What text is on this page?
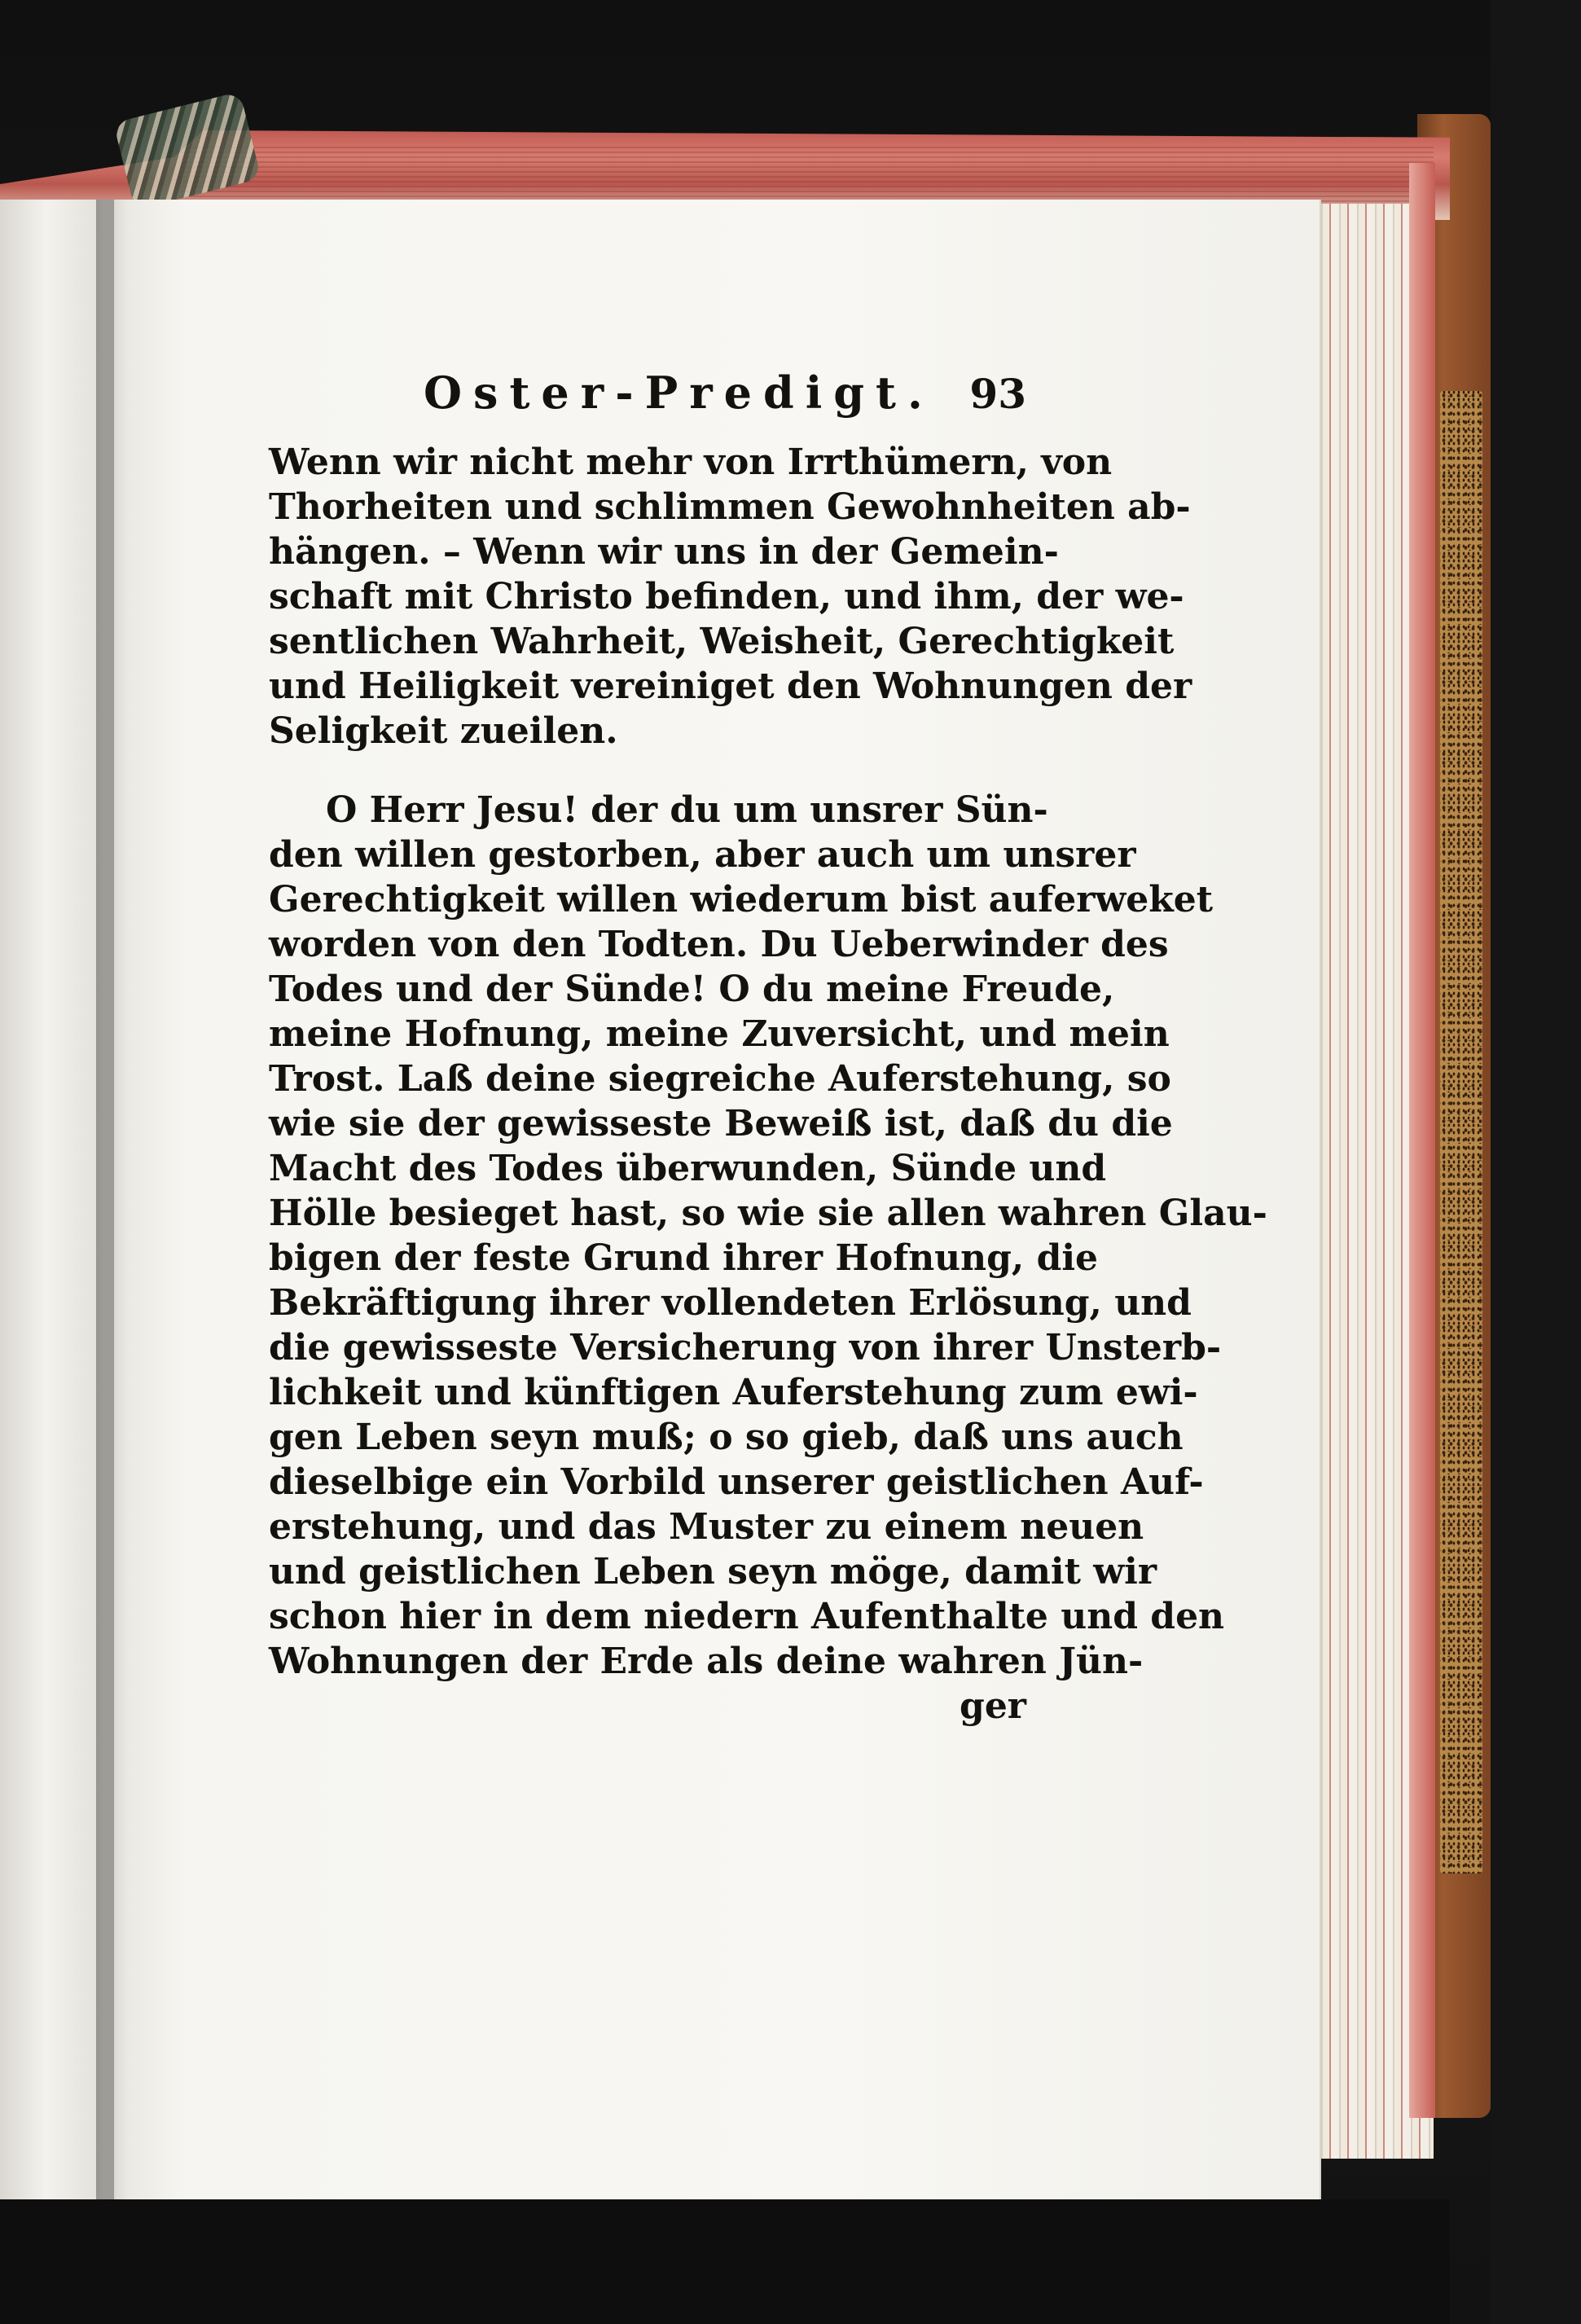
Oster-Predigt. 93

Wenn wir nicht mehr von Irrthümern, von
Thorheiten und schlimmen Gewohnheiten ab-
hängen. – Wenn wir uns in der Gemein-
schaft mit Christo befinden, und ihm, der we-
sentlichen Wahrheit, Weisheit, Gerechtigkeit
und Heiligkeit vereiniget den Wohnungen der
Seligkeit zueilen.

O Herr Jesu! der du um unsrer Sün-
den willen gestorben, aber auch um unsrer
Gerechtigkeit willen wiederum bist auferweket
worden von den Todten. Du Ueberwinder des
Todes und der Sünde! O du meine Freude,
meine Hofnung, meine Zuversicht, und mein
Trost. Laß deine siegreiche Auferstehung, so
wie sie der gewisseste Beweiß ist, daß du die
Macht des Todes überwunden, Sünde und
Hölle besieget hast, so wie sie allen wahren Glau-
bigen der feste Grund ihrer Hofnung, die
Bekräftigung ihrer vollendeten Erlösung, und
die gewisseste Versicherung von ihrer Unsterb-
lichkeit und künftigen Auferstehung zum ewi-
gen Leben seyn muß; o so gieb, daß uns auch
dieselbige ein Vorbild unserer geistlichen Auf-
erstehung, und das Muster zu einem neuen
und geistlichen Leben seyn möge, damit wir
schon hier in dem niedern Aufenthalte und den
Wohnungen der Erde als deine wahren Jün-

ger
